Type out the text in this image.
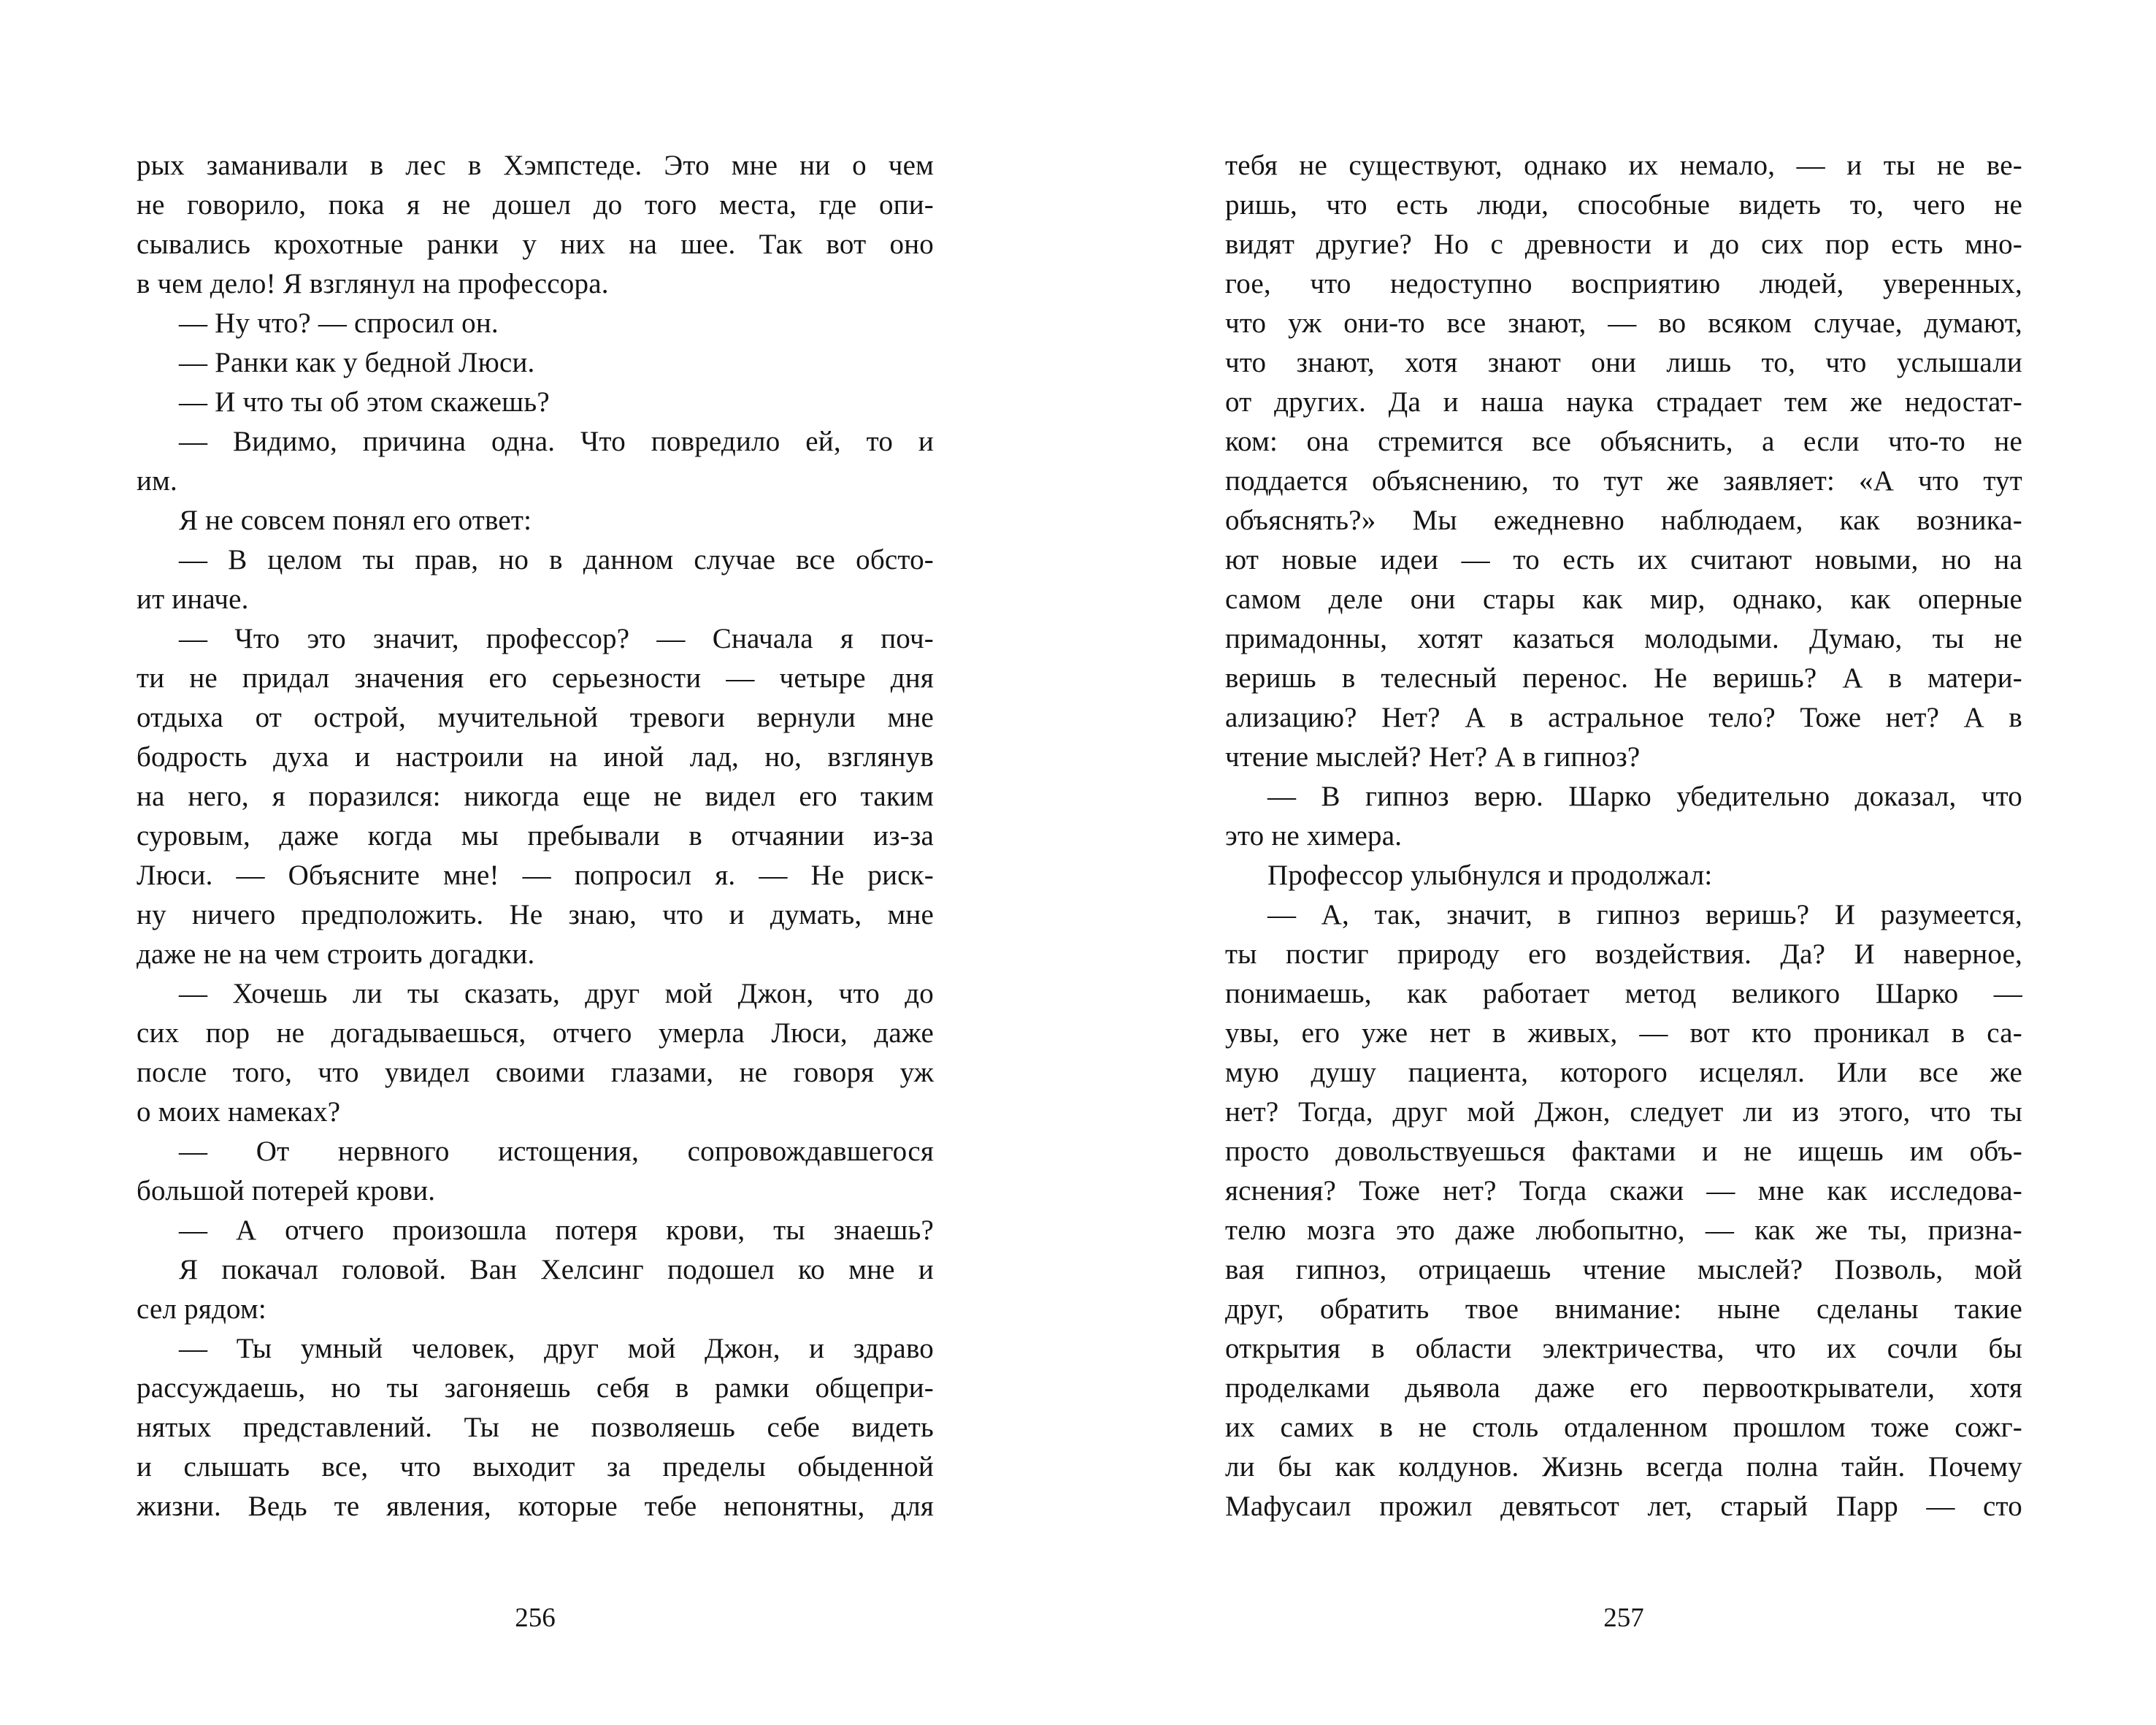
рых заманивали в лес в Хэмпстеде. Это мне ни о чем
не говорило, пока я не дошел до того места, где опи-
сывались крохотные ранки у них на шее. Так вот оно
в чем дело! Я взглянул на профессора.
— Ну что? — спросил он.
— Ранки как у бедной Люси.
— И что ты об этом скажешь?
— Видимо, причина одна. Что повредило ей, то и
им.
Я не совсем понял его ответ:
— В целом ты прав, но в данном случае все обсто-
ит иначе.
— Что это значит, профессор? — Сначала я поч-
ти не придал значения его серьезности — четыре дня
отдыха от острой, мучительной тревоги вернули мне
бодрость духа и настроили на иной лад, но, взглянув
на него, я поразился: никогда еще не видел его таким
суровым, даже когда мы пребывали в отчаянии из-за
Люси. — Объясните мне! — попросил я. — Не риск-
ну ничего предположить. Не знаю, что и думать, мне
даже не на чем строить догадки.
— Хочешь ли ты сказать, друг мой Джон, что до
сих пор не догадываешься, отчего умерла Люси, даже
после того, что увидел своими глазами, не говоря уж
о моих намеках?
— От нервного истощения, сопровождавшегося
большой потерей крови.
— А отчего произошла потеря крови, ты знаешь?
Я покачал головой. Ван Хелсинг подошел ко мне и
сел рядом:
— Ты умный человек, друг мой Джон, и здраво
рассуждаешь, но ты загоняешь себя в рамки общепри-
нятых представлений. Ты не позволяешь себе видеть
и слышать все, что выходит за пределы обыденной
жизни. Ведь те явления, которые тебе непонятны, для
тебя не существуют, однако их немало, — и ты не ве-
ришь, что есть люди, способные видеть то, чего не
видят другие? Но с древности и до сих пор есть мно-
гое, что недоступно восприятию людей, уверенных,
что уж они-то все знают, — во всяком случае, думают,
что знают, хотя знают они лишь то, что услышали
от других. Да и наша наука страдает тем же недостат-
ком: она стремится все объяснить, а если что-то не
поддается объяснению, то тут же заявляет: «А что тут
объяснять?» Мы ежедневно наблюдаем, как возника-
ют новые идеи — то есть их считают новыми, но на
самом деле они стары как мир, однако, как оперные
примадонны, хотят казаться молодыми. Думаю, ты не
веришь в телесный перенос. Не веришь? А в матери-
ализацию? Нет? А в астральное тело? Тоже нет? А в
чтение мыслей? Нет? А в гипноз?
— В гипноз верю. Шарко убедительно доказал, что
это не химера.
Профессор улыбнулся и продолжал:
— А, так, значит, в гипноз веришь? И разумеется,
ты постиг природу его воздействия. Да? И наверное,
понимаешь, как работает метод великого Шарко —
увы, его уже нет в живых, — вот кто проникал в са-
мую душу пациента, которого исцелял. Или все же
нет? Тогда, друг мой Джон, следует ли из этого, что ты
просто довольствуешься фактами и не ищешь им объ-
яснения? Тоже нет? Тогда скажи — мне как исследова-
телю мозга это даже любопытно, — как же ты, призна-
вая гипноз, отрицаешь чтение мыслей? Позволь, мой
друг, обратить твое внимание: ныне сделаны такие
открытия в области электричества, что их сочли бы
проделками дьявола даже его первооткрыватели, хотя
их самих в не столь отдаленном прошлом тоже сожг-
ли бы как колдунов. Жизнь всегда полна тайн. Почему
Мафусаил прожил девятьсот лет, старый Парр — сто
256	257
